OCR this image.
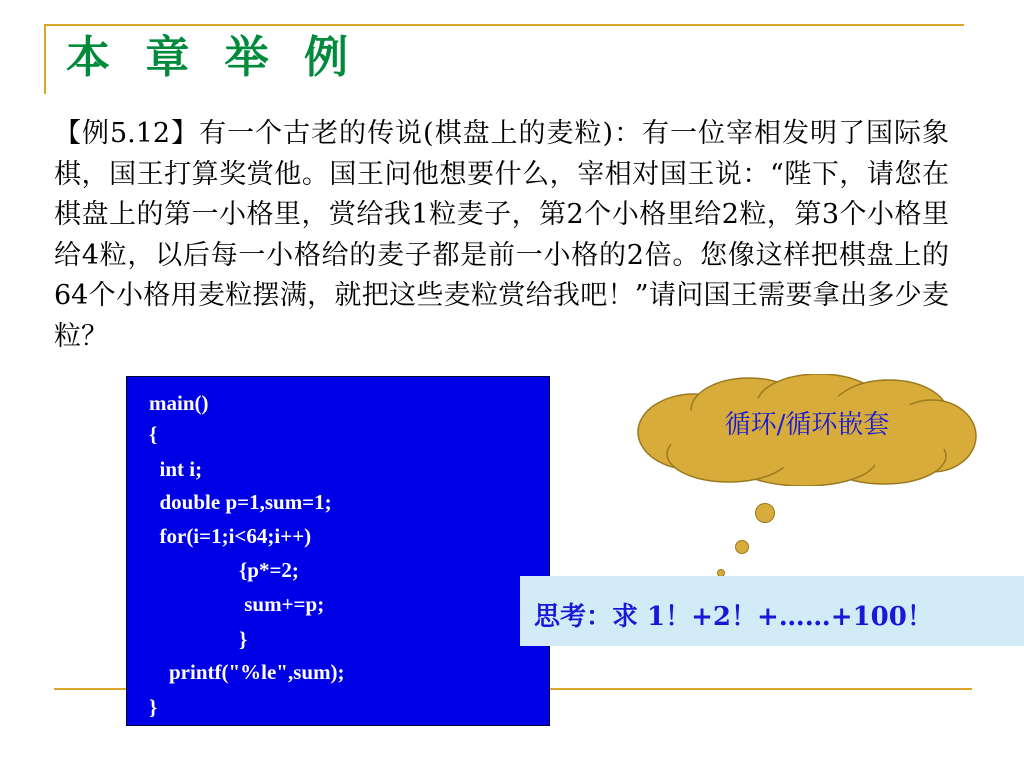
本 章 举 例

【例5.12】有一个古老的传说(棋盘上的麦粒)：有一位宰相发明了国际象棋，国王打算奖赏他。国王问他想要什么，宰相对国王说：“陛下，请您在棋盘上的第一小格里，赏给我1粒麦子，第2个小格里给2粒，第3个小格里给4粒，以后每一小格给的麦子都是前一小格的2倍。您像这样把棋盘上的64个小格用麦粒摆满，就把这些麦粒赏给我吧！”请问国王需要拿出多少麦粒？

main()
{
int i;
double p=1,sum=1;
for(i=1;i<64;i++)
{p*=2;
sum+=p;
}
printf("%le",sum);
}
循环/循环嵌套
思考：求 1！+2！+……+100！
